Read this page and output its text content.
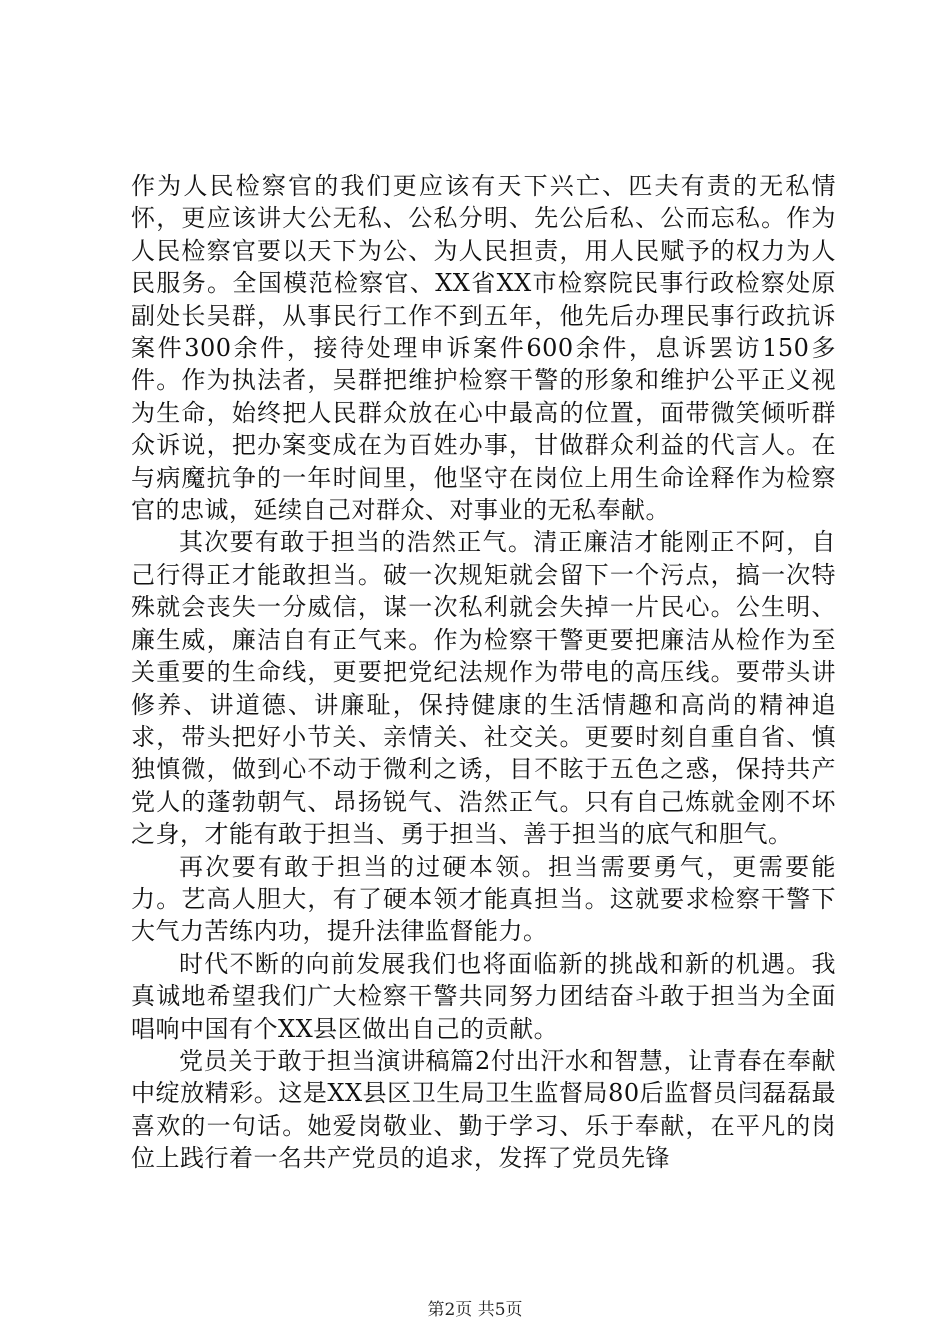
作为人民检察官的我们更应该有天下兴亡、匹夫有责的无私情怀，更应该讲大公无私、公私分明、先公后私、公而忘私。作为人民检察官要以天下为公、为人民担责，用人民赋予的权力为人民服务。全国模范检察官、XX省XX市检察院民事行政检察处原副处长吴群，从事民行工作不到五年，他先后办理民事行政抗诉案件300余件，接待处理申诉案件600余件，息诉罢访150多件。作为执法者，吴群把维护检察干警的形象和维护公平正义视为生命，始终把人民群众放在心中最高的位置，面带微笑倾听群众诉说，把办案变成在为百姓办事，甘做群众利益的代言人。在与病魔抗争的一年时间里，他坚守在岗位上用生命诠释作为检察官的忠诚，延续自己对群众、对事业的无私奉献。

其次要有敢于担当的浩然正气。清正廉洁才能刚正不阿，自己行得正才能敢担当。破一次规矩就会留下一个污点，搞一次特殊就会丧失一分威信，谋一次私利就会失掉一片民心。公生明、廉生威，廉洁自有正气来。作为检察干警更要把廉洁从检作为至关重要的生命线，更要把党纪法规作为带电的高压线。要带头讲修养、讲道德、讲廉耻，保持健康的生活情趣和高尚的精神追求，带头把好小节关、亲情关、社交关。更要时刻自重自省、慎独慎微，做到心不动于微利之诱，目不眩于五色之惑，保持共产党人的蓬勃朝气、昂扬锐气、浩然正气。只有自己炼就金刚不坏之身，才能有敢于担当、勇于担当、善于担当的底气和胆气。

再次要有敢于担当的过硬本领。担当需要勇气，更需要能力。艺高人胆大，有了硬本领才能真担当。这就要求检察干警下大气力苦练内功，提升法律监督能力。

时代不断的向前发展我们也将面临新的挑战和新的机遇。我真诚地希望我们广大检察干警共同努力团结奋斗敢于担当为全面唱响中国有个XX县区做出自己的贡献。

党员关于敢于担当演讲稿篇2付出汗水和智慧，让青春在奉献中绽放精彩。这是XX县区卫生局卫生监督局80后监督员闫磊磊最喜欢的一句话。她爱岗敬业、勤于学习、乐于奉献，在平凡的岗位上践行着一名共产党员的追求，发挥了党员先锋

第2页 共5页
